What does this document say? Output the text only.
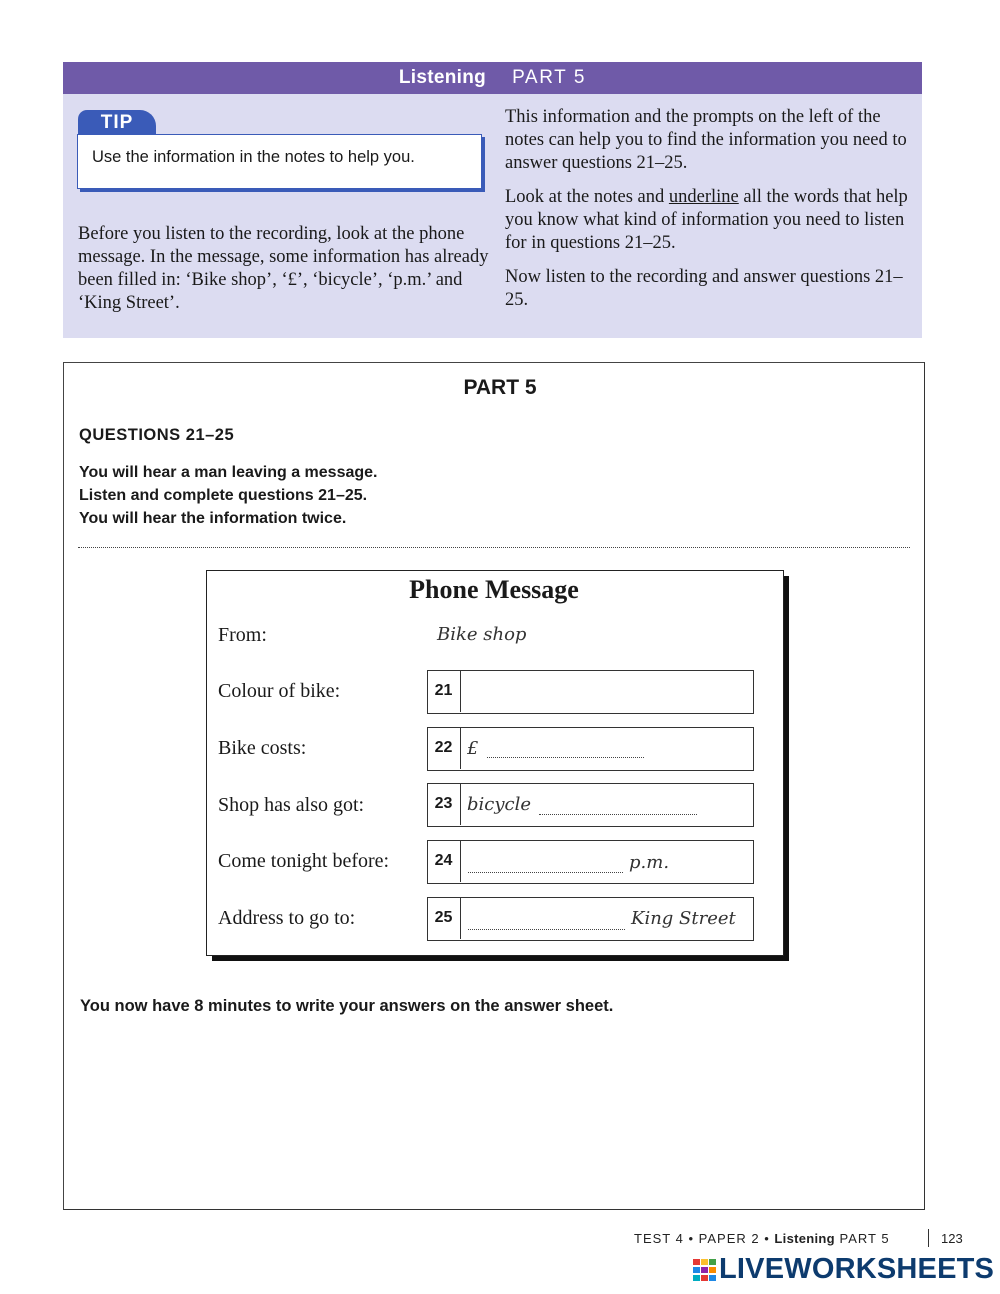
Listening PART 5
TIP
Use the information in the notes to help you.
Before you listen to the recording, look at the phone message. In the message, some information has already been filled in: ‘Bike shop’, ‘£’, ‘bicycle’, ‘p.m.’ and ‘King Street’.
This information and the prompts on the left of the notes can help you to find the information you need to answer questions 21–25.
Look at the notes and underline all the words that help you know what kind of information you need to listen for in questions 21–25.
Now listen to the recording and answer questions 21–25.
PART 5
QUESTIONS 21–25
You will hear a man leaving a message.
Listen and complete questions 21–25.
You will hear the information twice.
Phone Message
From:	Bike shop
Colour of bike:	21
Bike costs:	22 £
Shop has also got:	23 bicycle
Come tonight before:	24	p.m.
Address to go to:	25	King Street
You now have 8 minutes to write your answers on the answer sheet.
TEST 4 • PAPER 2 • Listening PART 5	123
LIVEWORKSHEETS
